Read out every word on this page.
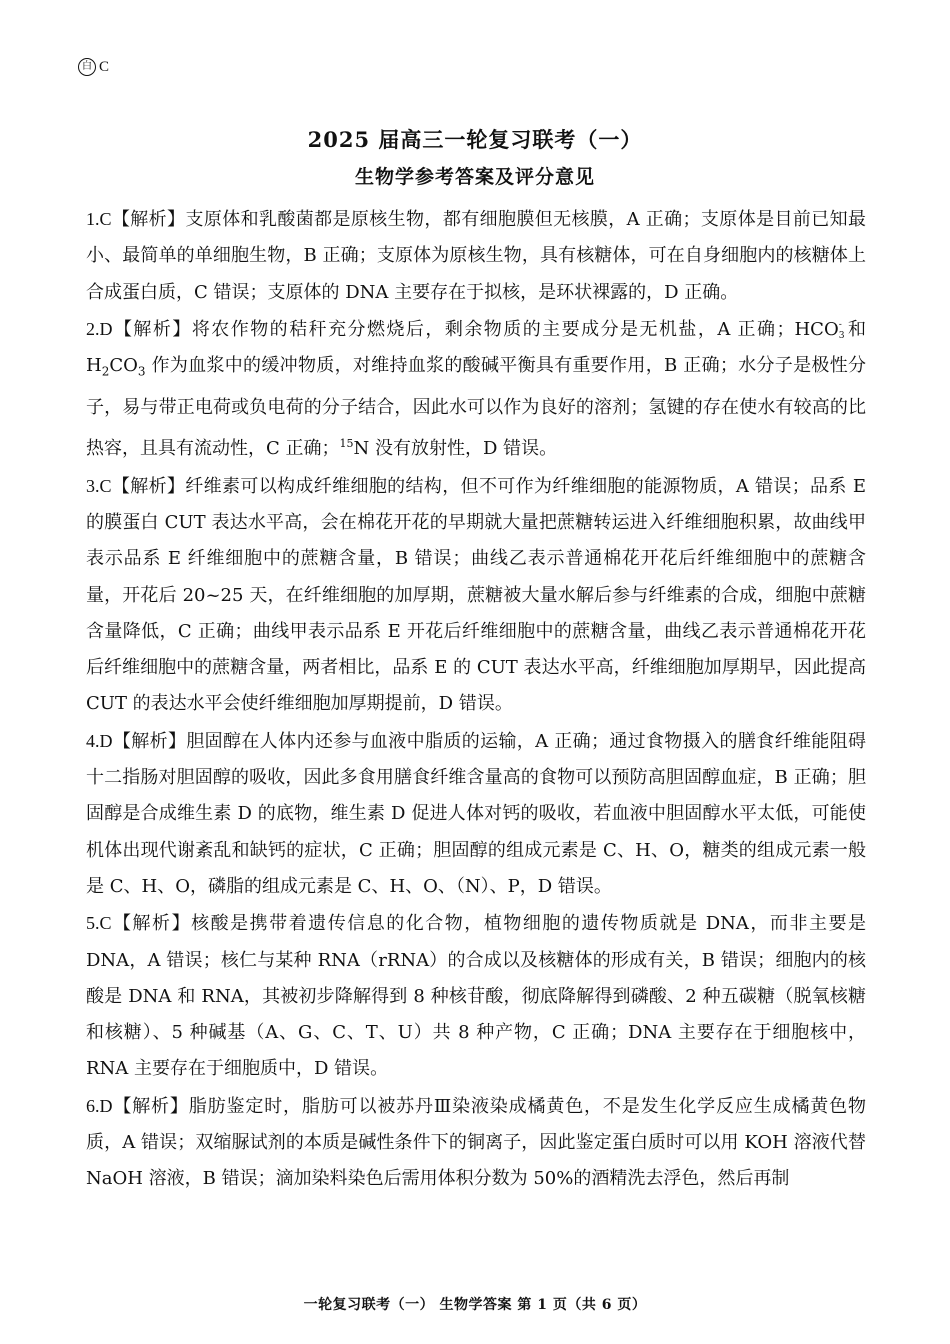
白 C
2025 届高三一轮复习联考（一）
生物学参考答案及评分意见

1.C【解析】支原体和乳酸菌都是原核生物，都有细胞膜但无核膜，A 正确；支原体是目前已知最小、最简单的单细胞生物，B 正确；支原体为原核生物，具有核糖体，可在自身细胞内的核糖体上合成蛋白质，C 错误；支原体的 DNA 主要存在于拟核，是环状裸露的，D 正确。

2.D【解析】将农作物的秸秆充分燃烧后，剩余物质的主要成分是无机盐，A 正确；HCO -
3 和 $H_2CO_3$ 作为血浆中的缓冲物质，对维持血浆的酸碱平衡具有重要作用，B 正确；水分子是极性分子，易与带正电荷或负电荷的分子结合，因此水可以作为良好的溶剂；氢键的存在使水有较高的比热容，且具有流动性，C 正确；$^{15}$N 没有放射性，D 错误。

3.C【解析】纤维素可以构成纤维细胞的结构，但不可作为纤维细胞的能源物质，A 错误；品系 E 的膜蛋白 CUT 表达水平高，会在棉花开花的早期就大量把蔗糖转运进入纤维细胞积累，故曲线甲表示品系 E 纤维细胞中的蔗糖含量，B 错误；曲线乙表示普通棉花开花后纤维细胞中的蔗糖含量，开花后 20~25 天，在纤维细胞的加厚期，蔗糖被大量水解后参与纤维素的合成，细胞中蔗糖含量降低，C 正确；曲线甲表示品系 E 开花后纤维细胞中的蔗糖含量，曲线乙表示普通棉花开花后纤维细胞中的蔗糖含量，两者相比，品系 E 的 CUT 表达水平高，纤维细胞加厚期早，因此提高 CUT 的表达水平会使纤维细胞加厚期提前，D 错误。

4.D【解析】胆固醇在人体内还参与血液中脂质的运输，A 正确；通过食物摄入的膳食纤维能阻碍十二指肠对胆固醇的吸收，因此多食用膳食纤维含量高的食物可以预防高胆固醇血症，B 正确；胆固醇是合成维生素 D 的底物，维生素 D 促进人体对钙的吸收，若血液中胆固醇水平太低，可能使机体出现代谢紊乱和缺钙的症状，C 正确；胆固醇的组成元素是 C、H、O，糖类的组成元素一般是 C、H、O，磷脂的组成元素是 C、H、O、（N）、P，D 错误。

5.C【解析】核酸是携带着遗传信息的化合物，植物细胞的遗传物质就是 DNA，而非主要是 DNA，A 错误；核仁与某种 RNA（rRNA）的合成以及核糖体的形成有关，B 错误；细胞内的核酸是 DNA 和 RNA，其被初步降解得到 8 种核苷酸，彻底降解得到磷酸、2 种五碳糖（脱氧核糖和核糖）、5 种碱基（A、G、C、T、U）共 8 种产物，C 正确；DNA 主要存在于细胞核中，RNA 主要存在于细胞质中，D 错误。

6.D【解析】脂肪鉴定时，脂肪可以被苏丹Ⅲ染液染成橘黄色，不是发生化学反应生成橘黄色物质，A 错误；双缩脲试剂的本质是碱性条件下的铜离子，因此鉴定蛋白质时可以用 KOH 溶液代替 NaOH 溶液，B 错误；滴加染料染色后需用体积分数为 50%的酒精洗去浮色，然后再制

一轮复习联考（一） 生物学答案 第 1 页（共 6 页）
